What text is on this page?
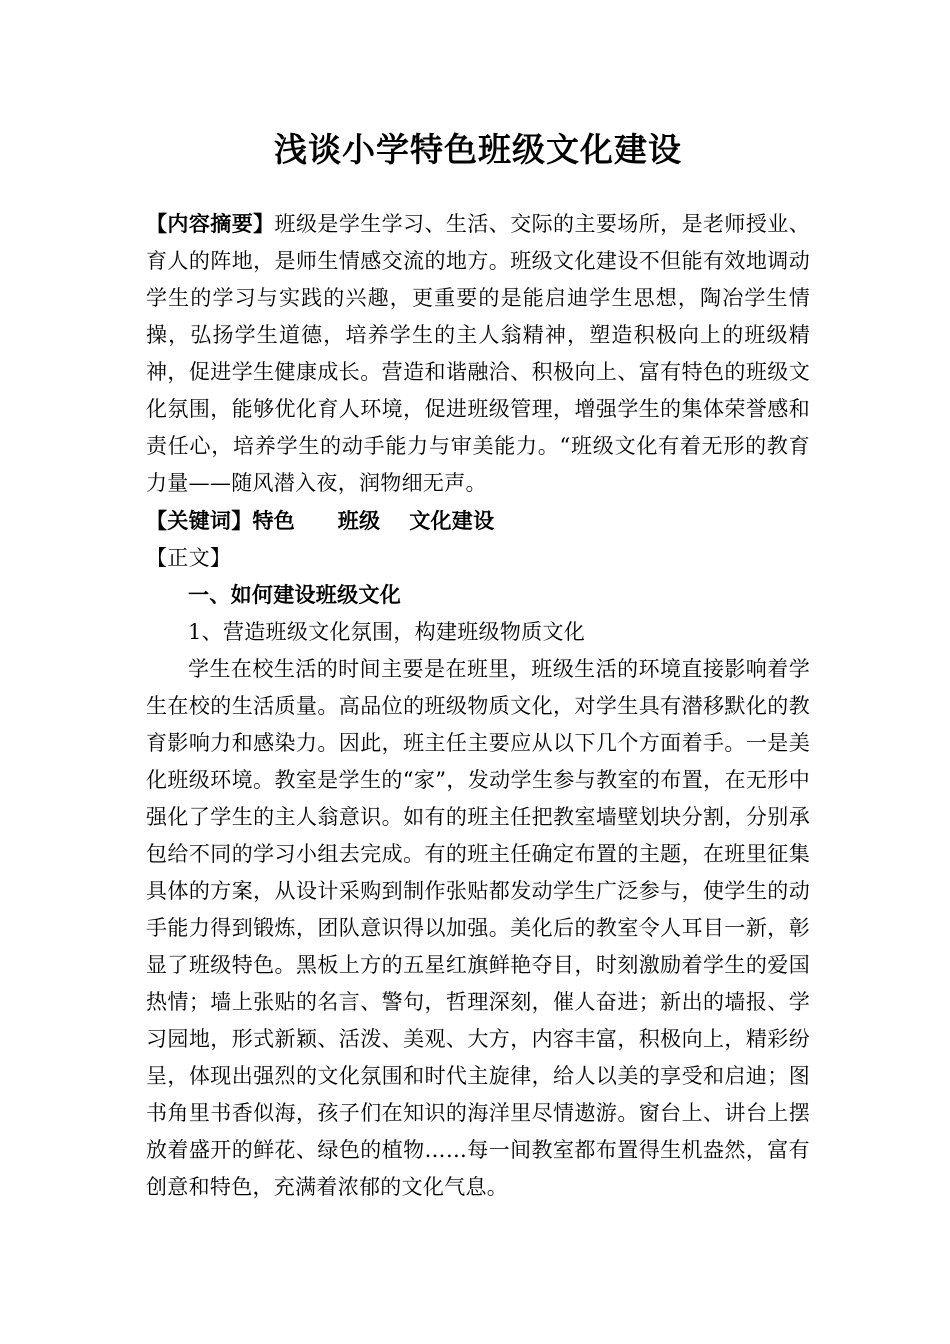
浅谈小学特色班级文化建设

【内容摘要】班级是学生学习、生活、交际的主要场所，是老师授业、育人的阵地，是师生情感交流的地方。班级文化建设不但能有效地调动学生的学习与实践的兴趣，更重要的是能启迪学生思想，陶冶学生情操，弘扬学生道德，培养学生的主人翁精神，塑造积极向上的班级精神，促进学生健康成长。营造和谐融洽、积极向上、富有特色的班级文化氛围，能够优化育人环境，促进班级管理，增强学生的集体荣誉感和责任心，培养学生的动手能力与审美能力。“班级文化有着无形的教育力量——随风潜入夜，润物细无声。

【关键词】特色　　班级　 文化建设

【正文】

一、如何建设班级文化

1、营造班级文化氛围，构建班级物质文化

学生在校生活的时间主要是在班里，班级生活的环境直接影响着学生在校的生活质量。高品位的班级物质文化，对学生具有潜移默化的教育影响力和感染力。因此，班主任主要应从以下几个方面着手。一是美化班级环境。教室是学生的“家”，发动学生参与教室的布置，在无形中强化了学生的主人翁意识。如有的班主任把教室墙壁划块分割，分别承包给不同的学习小组去完成。有的班主任确定布置的主题，在班里征集具体的方案，从设计采购到制作张贴都发动学生广泛参与，使学生的动手能力得到锻炼，团队意识得以加强。美化后的教室令人耳目一新，彰显了班级特色。黑板上方的五星红旗鲜艳夺目，时刻激励着学生的爱国热情；墙上张贴的名言、警句，哲理深刻，催人奋进；新出的墙报、学习园地，形式新颖、活泼、美观、大方，内容丰富，积极向上，精彩纷呈，体现出强烈的文化氛围和时代主旋律，给人以美的享受和启迪；图书角里书香似海，孩子们在知识的海洋里尽情遨游。窗台上、讲台上摆放着盛开的鲜花、绿色的植物……每一间教室都布置得生机盎然，富有创意和特色，充满着浓郁的文化气息。
